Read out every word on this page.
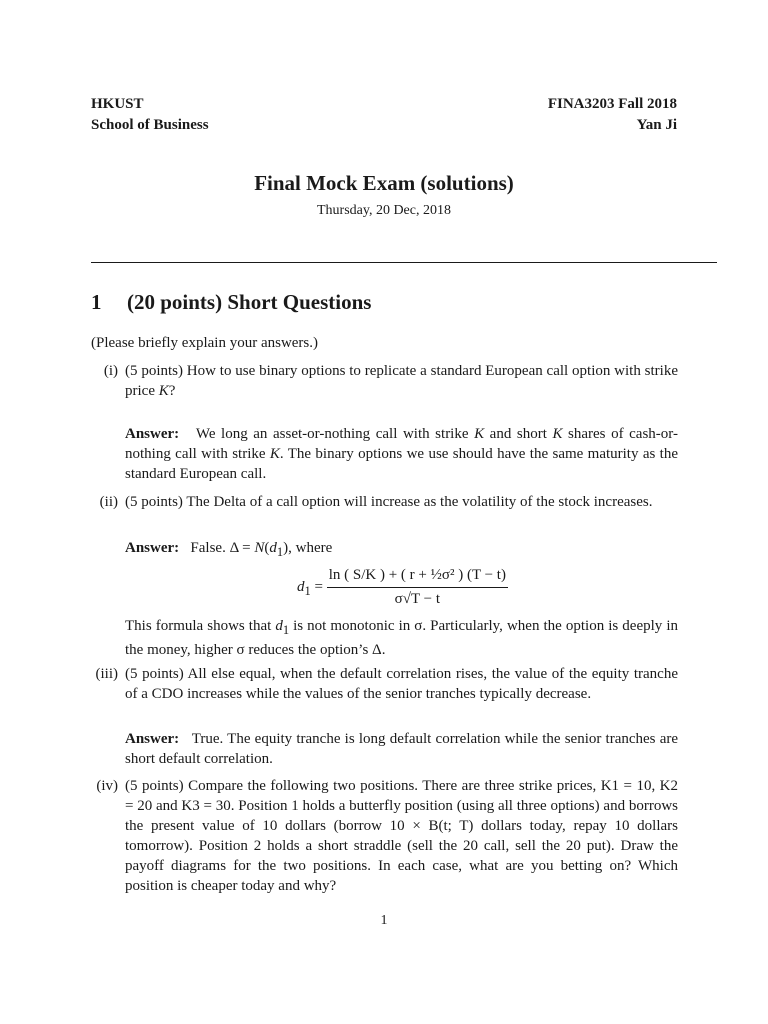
HKUST
School of Business
FINA3203 Fall 2018
Yan Ji
Final Mock Exam (solutions)
Thursday, 20 Dec, 2018
1 (20 points) Short Questions
(Please briefly explain your answers.)
(i) (5 points) How to use binary options to replicate a standard European call option with strike price K?
Answer: We long an asset-or-nothing call with strike K and short K shares of cash-or-nothing call with strike K. The binary options we use should have the same maturity as the standard European call.
(ii) (5 points) The Delta of a call option will increase as the volatility of the stock increases.
Answer: False. $\Delta = N(d_1)$, where
$d_1 = \frac{\text{ln ( S/K ) + ( r + ½σ² ) (T − t)}}{\sigma√T - t}$
This formula shows that $d_1$ is not monotonic in σ. Particularly, when the option is deeply in the money, higher σ reduces the option’s Δ.
(iii) (5 points) All else equal, when the default correlation rises, the value of the equity tranche of a CDO increases while the values of the senior tranches typically decrease.
Answer: True. The equity tranche is long default correlation while the senior tranches are short default correlation.
(iv) (5 points) Compare the following two positions. There are three strike prices, K1 = 10, K2 = 20 and K3 = 30. Position 1 holds a butterfly position (using all three options) and borrows the present value of 10 dollars (borrow 10 × B(t; T) dollars today, repay 10 dollars tomorrow). Position 2 holds a short straddle (sell the 20 call, sell the 20 put). Draw the payoff diagrams for the two positions. In each case, what are you betting on? Which position is cheaper today and why?
1
